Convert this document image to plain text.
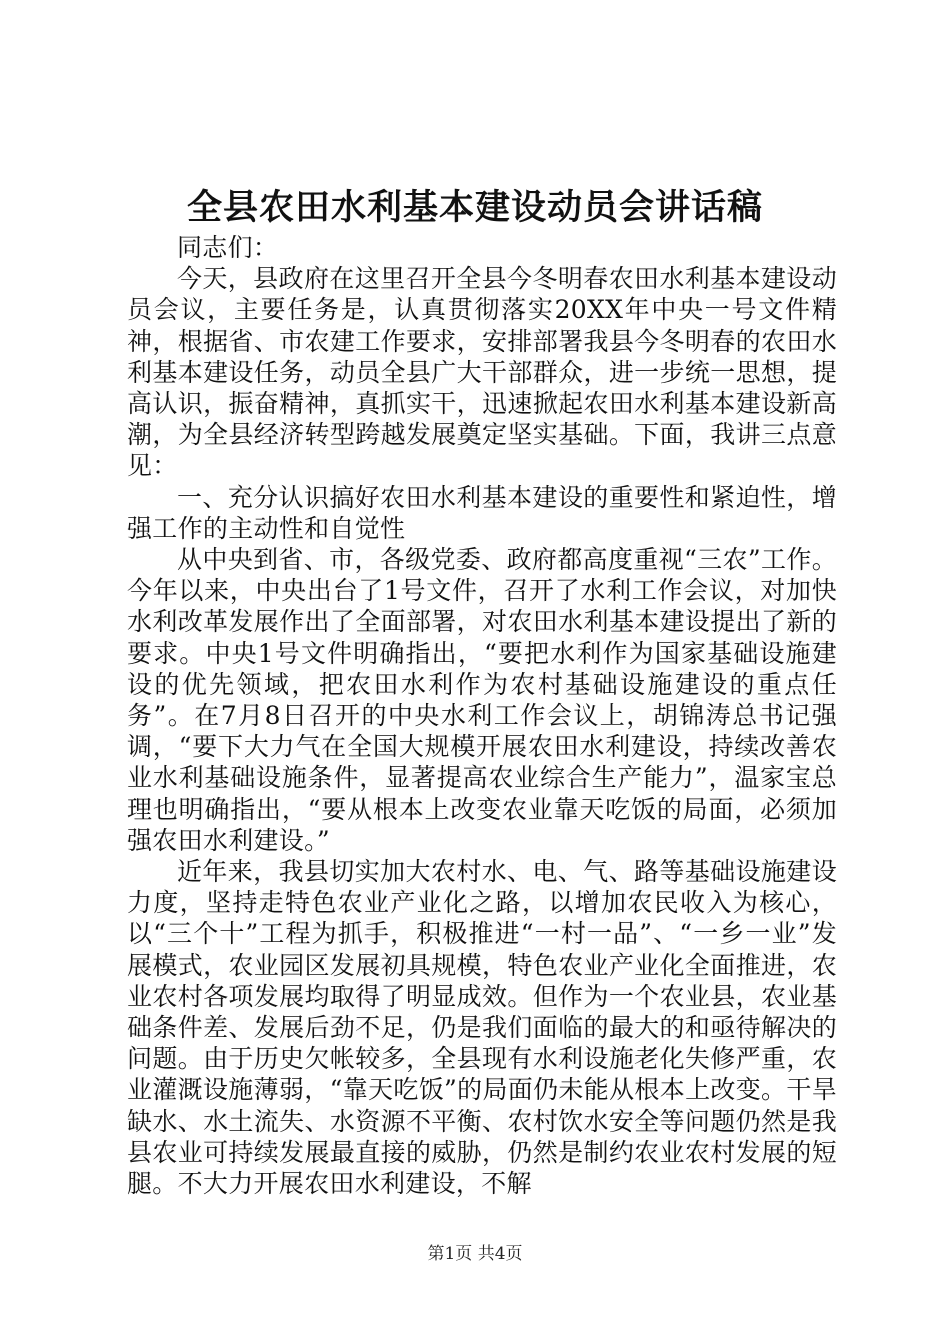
全县农田水利基本建设动员会讲话稿

同志们：

今天，县政府在这里召开全县今冬明春农田水利基本建设动员会议，主要任务是，认真贯彻落实20XX年中央一号文件精神，根据省、市农建工作要求，安排部署我县今冬明春的农田水利基本建设任务，动员全县广大干部群众，进一步统一思想，提高认识，振奋精神，真抓实干，迅速掀起农田水利基本建设新高潮，为全县经济转型跨越发展奠定坚实基础。下面，我讲三点意见：

一、充分认识搞好农田水利基本建设的重要性和紧迫性，增强工作的主动性和自觉性

从中央到省、市，各级党委、政府都高度重视“三农”工作。今年以来，中央出台了1号文件，召开了水利工作会议，对加快水利改革发展作出了全面部署，对农田水利基本建设提出了新的要求。中央1号文件明确指出，“要把水利作为国家基础设施建设的优先领域，把农田水利作为农村基础设施建设的重点任务”。在7月8日召开的中央水利工作会议上，胡锦涛总书记强调，“要下大力气在全国大规模开展农田水利建设，持续改善农业水利基础设施条件，显著提高农业综合生产能力”，温家宝总理也明确指出，“要从根本上改变农业靠天吃饭的局面，必须加强农田水利建设。”

近年来，我县切实加大农村水、电、气、路等基础设施建设力度，坚持走特色农业产业化之路，以增加农民收入为核心，以“三个十”工程为抓手，积极推进“一村一品”、“一乡一业”发展模式，农业园区发展初具规模，特色农业产业化全面推进，农业农村各项发展均取得了明显成效。但作为一个农业县，农业基础条件差、发展后劲不足，仍是我们面临的最大的和亟待解决的问题。由于历史欠帐较多，全县现有水利设施老化失修严重，农业灌溉设施薄弱，“靠天吃饭”的局面仍未能从根本上改变。干旱缺水、水土流失、水资源不平衡、农村饮水安全等问题仍然是我县农业可持续发展最直接的威胁，仍然是制约农业农村发展的短腿。不大力开展农田水利建设，不解

第1页 共4页
